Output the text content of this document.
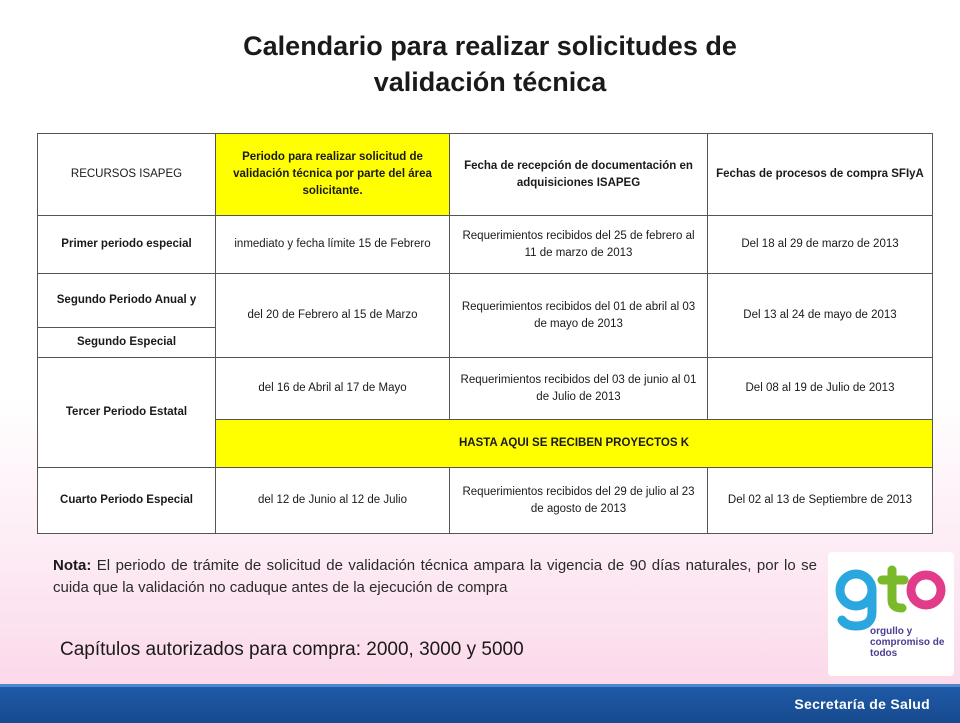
Calendario para realizar solicitudes de
validación técnica
RECURSOS ISAPEG	Periodo para realizar solicitud de validación técnica por parte del área solicitante.	Fecha de recepción de documentación en adquisiciones ISAPEG	Fechas de procesos de compra SFIyA
Primer periodo especial	inmediato y fecha límite 15 de Febrero	Requerimientos recibidos del 25 de febrero al 11 de marzo de 2013	Del 18 al 29 de marzo de 2013
Segundo Periodo Anual y	del 20 de Febrero al 15 de Marzo	Requerimientos recibidos del 01 de abril al 03 de mayo de 2013	Del 13 al 24 de mayo de 2013
Segundo Especial			
Tercer Periodo Estatal	del 16 de Abril al 17 de Mayo	Requerimientos recibidos del 03 de junio al 01 de Julio de 2013	Del 08 al 19 de Julio de 2013
	HASTA AQUI SE RECIBEN PROYECTOS K		
Cuarto Periodo Especial	del 12 de Junio al 12 de Julio	Requerimientos recibidos del 29 de julio al 23 de agosto de 2013	Del 02 al 13 de Septiembre de 2013
Nota: El periodo de trámite de solicitud de validación técnica ampara la vigencia de 90 días naturales, por lo se cuida que la validación no caduque antes de la ejecución de compra
Capítulos autorizados para compra: 2000, 3000 y 5000
orgullo y compromiso de todos
Secretaría de Salud
